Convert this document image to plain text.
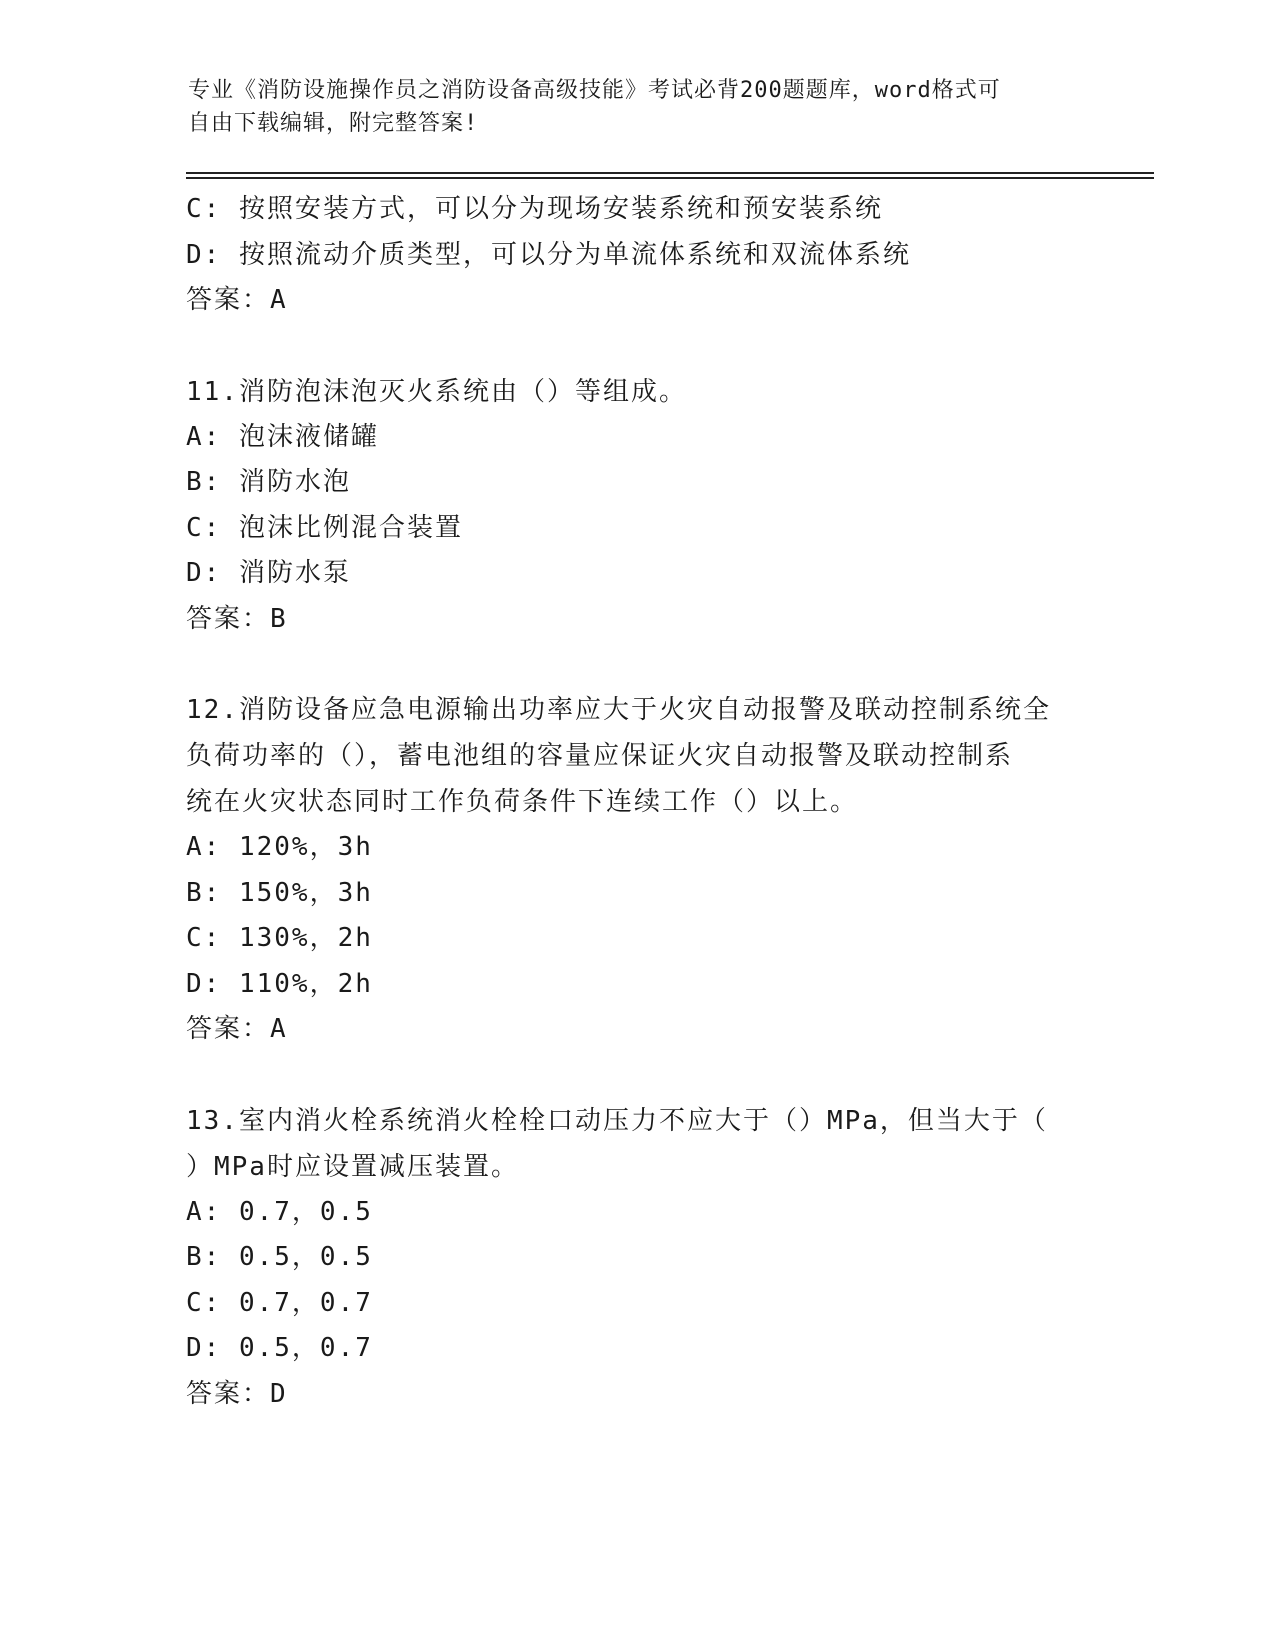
专业《消防设施操作员之消防设备高级技能》考试必背200题题库，word格式可
自由下载编辑，附完整答案!
C: 按照安装方式，可以分为现场安装系统和预安装系统
D: 按照流动介质类型，可以分为单流体系统和双流体系统
答案：A
11.消防泡沫泡灭火系统由（）等组成。
A: 泡沫液储罐
B: 消防水泡
C: 泡沫比例混合装置
D: 消防水泵
答案：B
12.消防设备应急电源输出功率应大于火灾自动报警及联动控制系统全
负荷功率的（），蓄电池组的容量应保证火灾自动报警及联动控制系
统在火灾状态同时工作负荷条件下连续工作（）以上。
A: 120%，3h
B: 150%，3h
C: 130%，2h
D: 110%，2h
答案：A
13.室内消火栓系统消火栓栓口动压力不应大于（）MPa，但当大于（
）MPa时应设置减压装置。
A: 0.7，0.5
B: 0.5，0.5
C: 0.7，0.7
D: 0.5，0.7
答案：D
